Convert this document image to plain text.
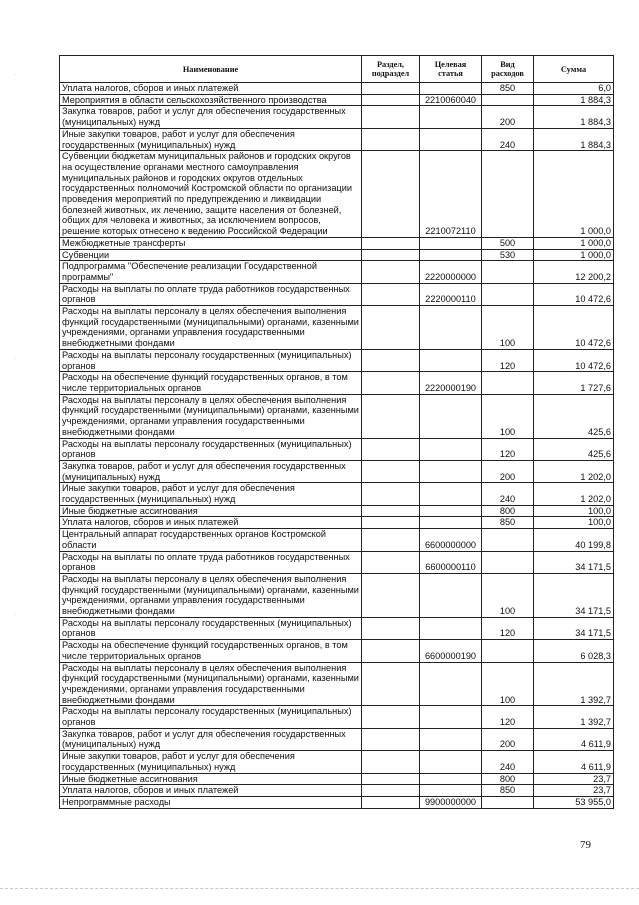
Наименование	Раздел, подраздел	Целевая статья	Вид расходов	Сумма
Уплата налогов, сборов и иных платежей			850	6,0
Мероприятия в области сельскохозяйственного производства		2210060040		1 884,3
Закупка товаров, работ и услуг для обеспечения государственных (муниципальных) нужд			200	1 884,3
Иные закупки товаров, работ и услуг для обеспечения государственных (муниципальных) нужд			240	1 884,3
Субвенции бюджетам муниципальных районов и городских округов на осуществление органами местного самоуправления муниципальных районов и городских округов отдельных государственных полномочий Костромской области по организации проведения мероприятий по предупреждению и ликвидации болезней животных, их лечению, защите населения от болезней, общих для человека и животных, за исключением вопросов, решение которых отнесено к ведению Российской Федерации		2210072110		1 000,0
Межбюджетные трансферты			500	1 000,0
Субвенции			530	1 000,0
Подпрограмма "Обеспечение реализации Государственной программы"		2220000000		12 200,2
Расходы на выплаты по оплате труда работников государственных органов		2220000110		10 472,6
Расходы на выплаты персоналу в целях обеспечения выполнения функций государственными (муниципальными) органами, казенными учреждениями, органами управления государственными внебюджетными фондами			100	10 472,6
Расходы на выплаты персоналу государственных (муниципальных) органов			120	10 472,6
Расходы на обеспечение функций государственных органов, в том числе территориальных органов		2220000190		1 727,6
Расходы на выплаты персоналу в целях обеспечения выполнения функций государственными (муниципальными) органами, казенными учреждениями, органами управления государственными внебюджетными фондами			100	425,6
Расходы на выплаты персоналу государственных (муниципальных) органов			120	425,6
Закупка товаров, работ и услуг для обеспечения государственных (муниципальных) нужд			200	1 202,0
Иные закупки товаров, работ и услуг для обеспечения государственных (муниципальных) нужд			240	1 202,0
Иные бюджетные ассигнования			800	100,0
Уплата налогов, сборов и иных платежей			850	100,0
Центральный аппарат государственных органов Костромской области		6600000000		40 199,8
Расходы на выплаты по оплате труда работников государственных органов		6600000110		34 171,5
Расходы на выплаты персоналу в целях обеспечения выполнения функций государственными (муниципальными) органами, казенными учреждениями, органами управления государственными внебюджетными фондами			100	34 171,5
Расходы на выплаты персоналу государственных (муниципальных) органов			120	34 171,5
Расходы на обеспечение функций государственных органов, в том числе территориальных органов		6600000190		6 028,3
Расходы на выплаты персоналу в целях обеспечения выполнения функций государственными (муниципальными) органами, казенными учреждениями, органами управления государственными внебюджетными фондами			100	1 392,7
Расходы на выплаты персоналу государственных (муниципальных) органов			120	1 392,7
Закупка товаров, работ и услуг для обеспечения государственных (муниципальных) нужд			200	4 611,9
Иные закупки товаров, работ и услуг для обеспечения государственных (муниципальных) нужд			240	4 611,9
Иные бюджетные ассигнования			800	23,7
Уплата налогов, сборов и иных платежей			850	23,7
Непрограммные расходы		9900000000		53 955,0
79
·
·
·
